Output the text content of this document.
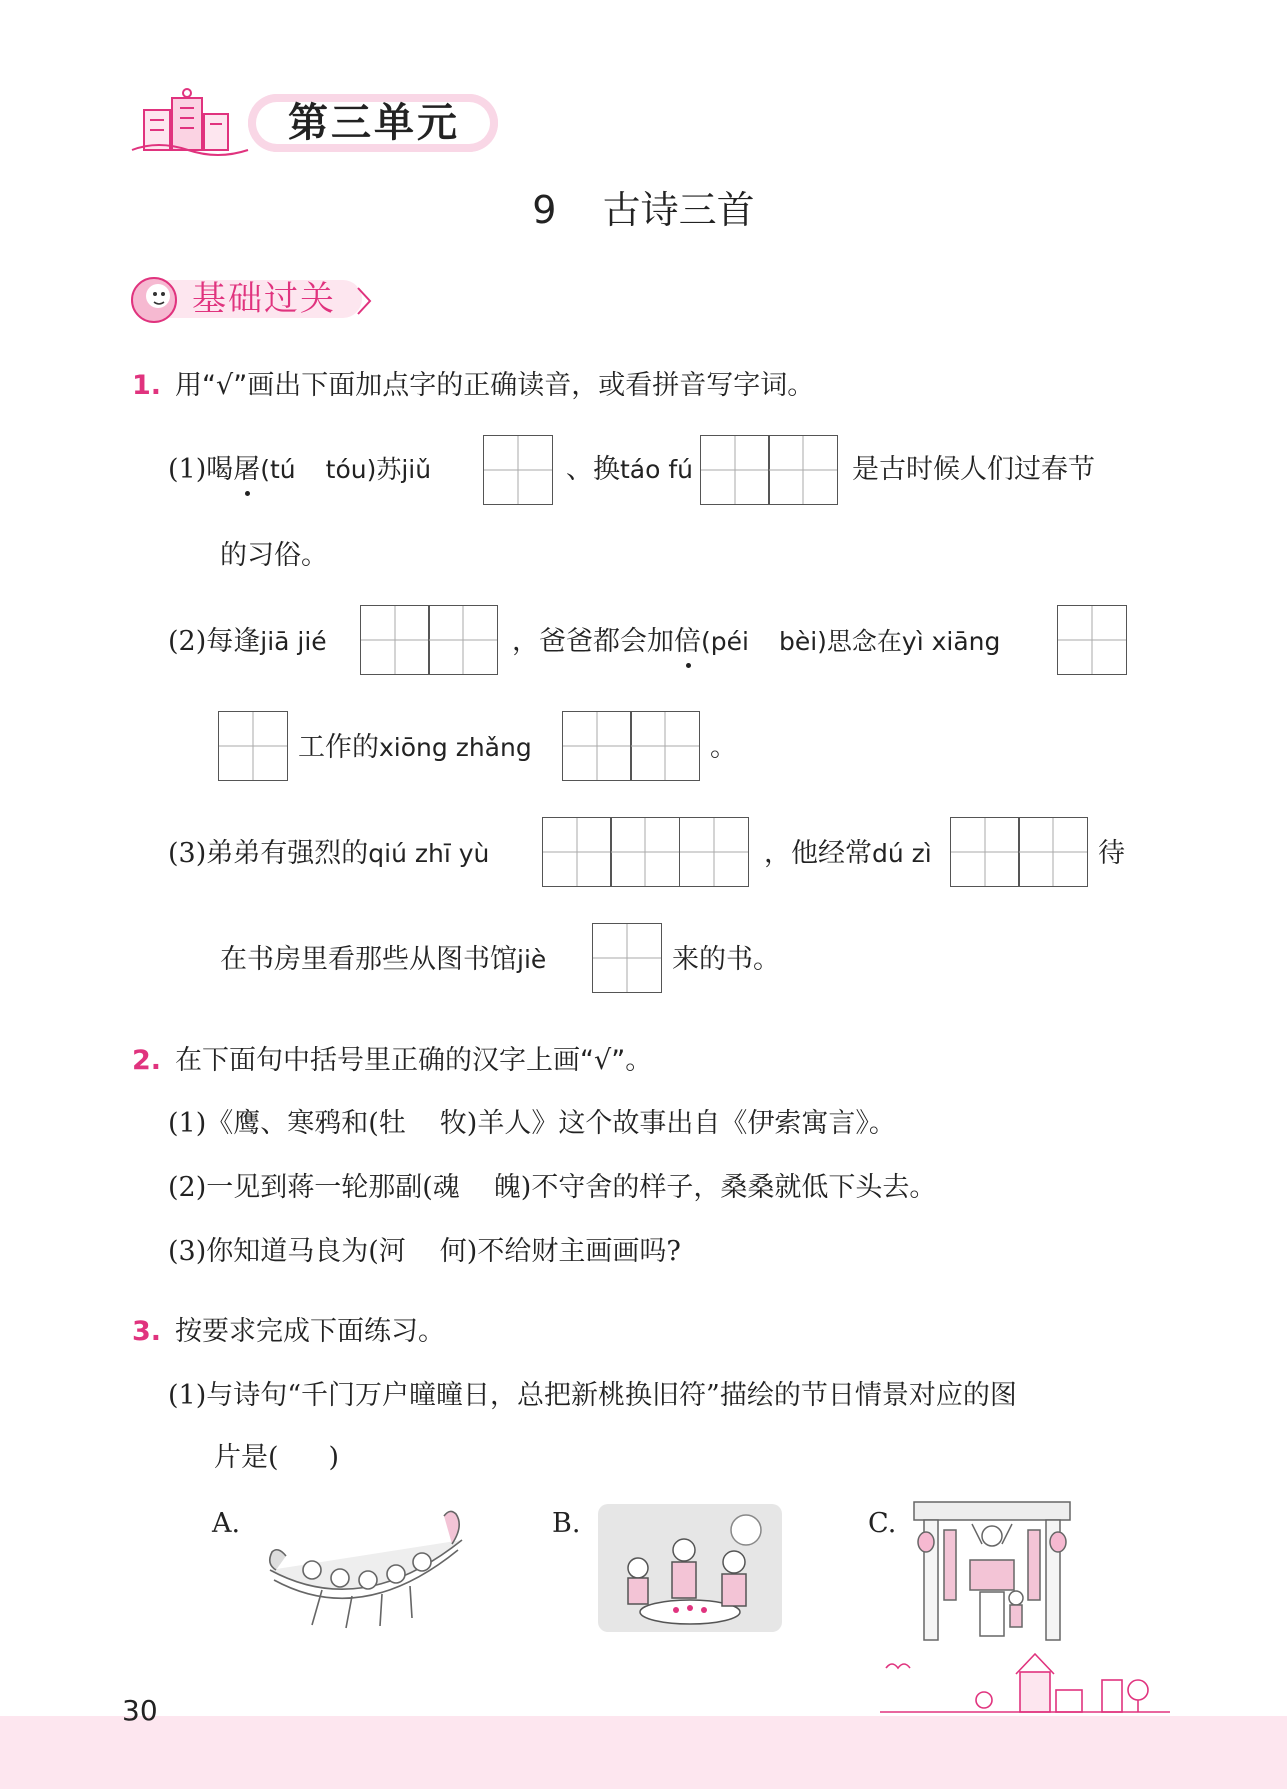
第三单元
9 古诗三首
基础过关
1. 用“√”画出下面加点字的正确读音，或看拼音写字词。
(1)喝屠(tú tóu)苏jiǔ	、换táo fú	是古时候人们过春节
的习俗。
(2)每逢jiā jié	，爸爸都会加倍(péi bèi)思念在yì xiāng
工作的xiōng zhǎng	。
(3)弟弟有强烈的qiú zhī yù	，他经常dú zì	待
在书房里看那些从图书馆jiè	来的书。
2. 在下面句中括号里正确的汉字上画“√”。
(1)《鹰、寒鸦和(牡 牧)羊人》这个故事出自《伊索寓言》。
(2)一见到蒋一轮那副(魂 魄)不守舍的样子，桑桑就低下头去。
(3)你知道马良为(河 何)不给财主画画吗?
3. 按要求完成下面练习。
(1)与诗句“千门万户曈曈日，总把新桃换旧符”描绘的节日情景对应的图
片是( )
A.	B.	C.
30
